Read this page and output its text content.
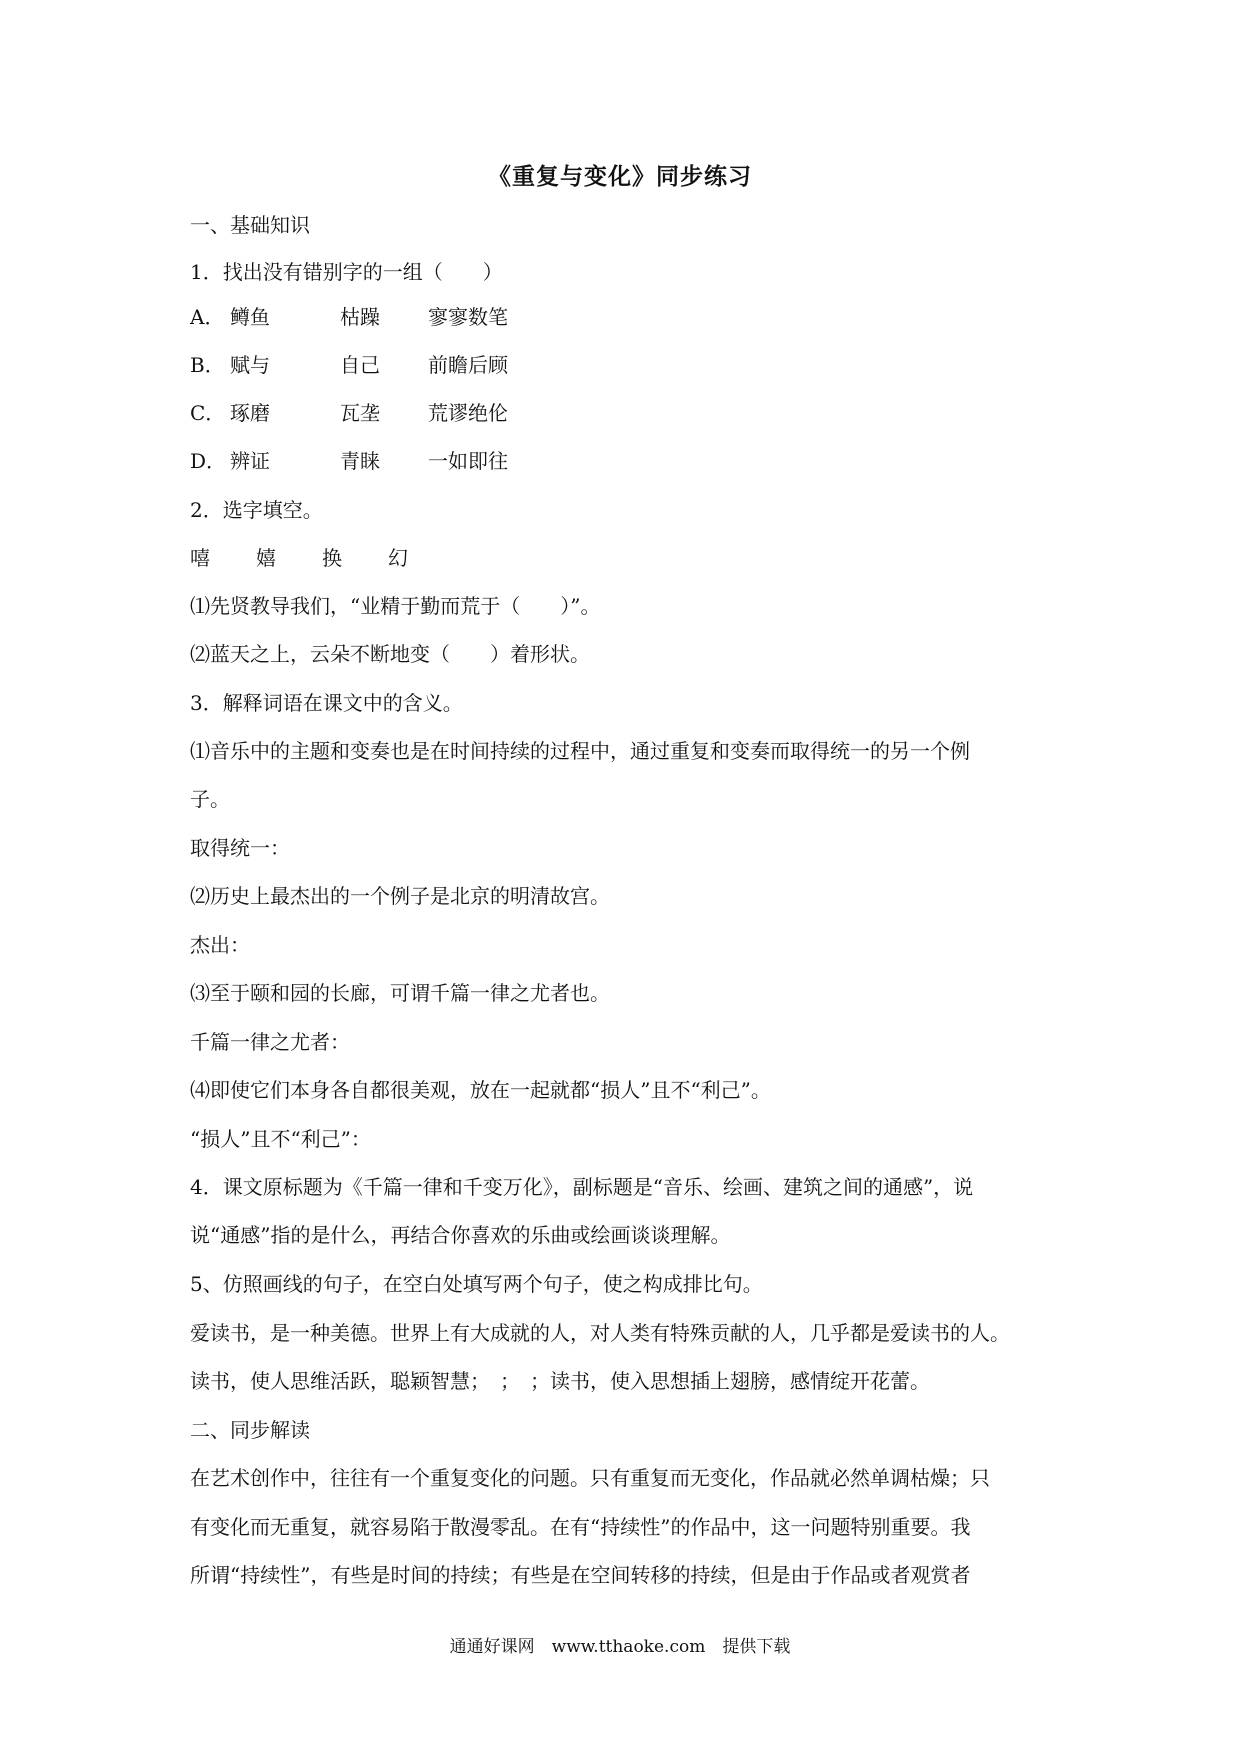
《重复与变化》同步练习
一、基础知识
1．找出没有错别字的一组（　　）
A． 鳟鱼	枯躁 寥寥数笔
B． 赋与	自己 前瞻后顾
C． 琢磨	瓦垄 荒谬绝伦
D． 辨证	青睐 一如即往
2．选字填空。
嘻 嬉 换 幻
⑴先贤教导我们，“业精于勤而荒于（　　）”。
⑵蓝天之上，云朵不断地变（　　）着形状。
3．解释词语在课文中的含义。
⑴音乐中的主题和变奏也是在时间持续的过程中，通过重复和变奏而取得统一的另一个例
子。
取得统一：
⑵历史上最杰出的一个例子是北京的明清故宫。
杰出：
⑶至于颐和园的长廊，可谓千篇一律之尤者也。
千篇一律之尤者：
⑷即使它们本身各自都很美观，放在一起就都“损人”且不“利己”。
“损人”且不“利己”：
4．课文原标题为《千篇一律和千变万化》，副标题是“音乐、绘画、建筑之间的通感”，说
说“通感”指的是什么，再结合你喜欢的乐曲或绘画谈谈理解。
5、仿照画线的句子，在空白处填写两个句子，使之构成排比句。
爱读书，是一种美德。世界上有大成就的人，对人类有特殊贡献的人，几乎都是爱读书的人。
读书，使人思维活跃，聪颖智慧；　；　；读书，使入思想插上翅膀，感情绽开花蕾。
二、同步解读
在艺术创作中，往往有一个重复变化的问题。只有重复而无变化，作品就必然单调枯燥；只
有变化而无重复，就容易陷于散漫零乱。在有“持续性”的作品中，这一问题特别重要。我
所谓“持续性”，有些是时间的持续；有些是在空间转移的持续，但是由于作品或者观赏者
通通好课网　www.tthaoke.com　提供下载
